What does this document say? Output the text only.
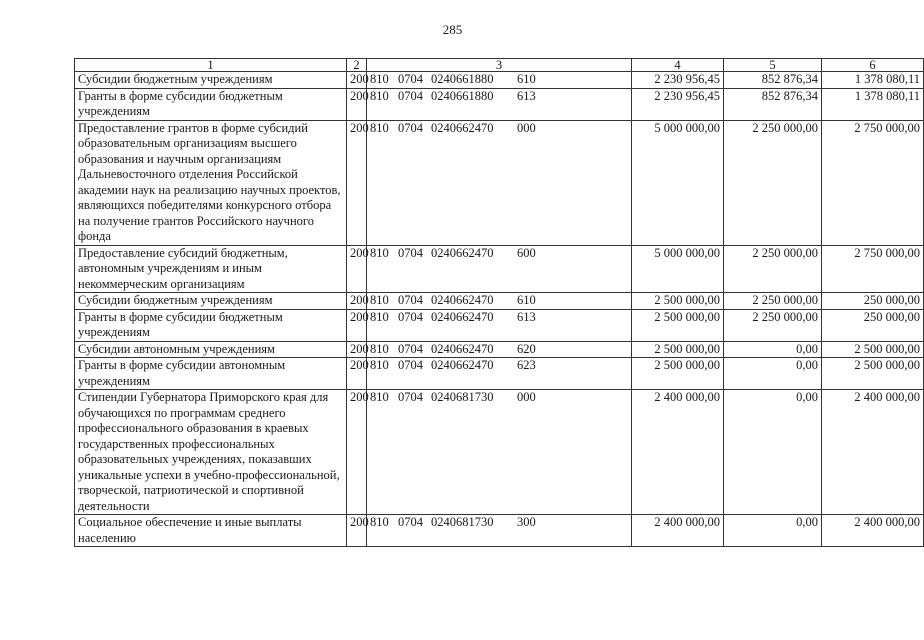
285
1	2	3	4	5	6
Субсидии бюджетным учреждениям	200	810 0704 0240661880 610	2 230 956,45	852 876,34	1 378 080,11
Гранты в форме субсидии бюджетным учреждениям	200	810 0704 0240661880 613	2 230 956,45	852 876,34	1 378 080,11
Предоставление грантов в форме субсидий образовательным организациям высшего образования и научным организациям Дальневосточного отделения Российской академии наук на реализацию научных проектов, являющихся победителями конкурсного отбора на получение грантов Российского научного фонда	200	810 0704 0240662470 000	5 000 000,00	2 250 000,00	2 750 000,00
Предоставление субсидий бюджетным, автономным учреждениям и иным некоммерческим организациям	200	810 0704 0240662470 600	5 000 000,00	2 250 000,00	2 750 000,00
Субсидии бюджетным учреждениям	200	810 0704 0240662470 610	2 500 000,00	2 250 000,00	250 000,00
Гранты в форме субсидии бюджетным учреждениям	200	810 0704 0240662470 613	2 500 000,00	2 250 000,00	250 000,00
Субсидии автономным учреждениям	200	810 0704 0240662470 620	2 500 000,00	0,00	2 500 000,00
Гранты в форме субсидии автономным учреждениям	200	810 0704 0240662470 623	2 500 000,00	0,00	2 500 000,00
Стипендии Губернатора Приморского края для обучающихся по программам среднего профессионального образования в краевых государственных профессиональных образовательных учреждениях, показавших уникальные успехи в учебно-профессиональной, творческой, патриотической и спортивной деятельности	200	810 0704 0240681730 000	2 400 000,00	0,00	2 400 000,00
Социальное обеспечение и иные выплаты населению	200	810 0704 0240681730 300	2 400 000,00	0,00	2 400 000,00
